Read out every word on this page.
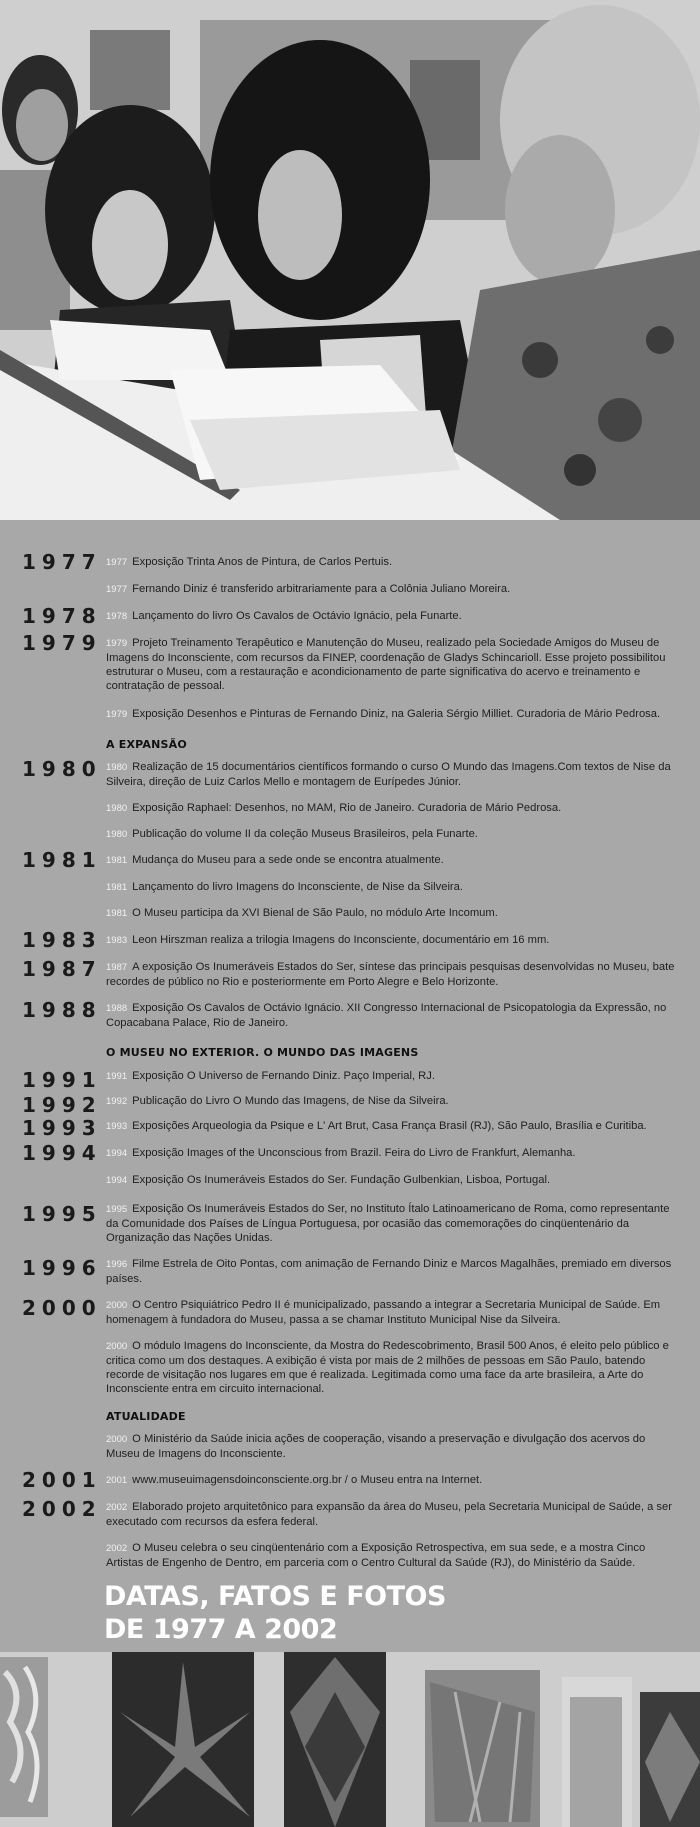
1977 1977 Exposição Trinta Anos de Pintura, de Carlos Pertuis.
1977 Fernando Diniz é transferido arbitrariamente para a Colônia Juliano Moreira.
1978 1978 Lançamento do livro Os Cavalos de Octávio Ignácio, pela Funarte.
1979 1979 Projeto Treinamento Terapêutico e Manutenção do Museu, realizado pela Sociedade Amigos do Museu de Imagens do Inconsciente, com recursos da FINEP, coordenação de Gladys Schincarioll. Esse projeto possibilitou estruturar o Museu, com a restauração e acondicionamento de parte significativa do acervo e treinamento e contratação de pessoal.
1979 Exposição Desenhos e Pinturas de Fernando Diniz, na Galeria Sérgio Milliet. Curadoria de Mário Pedrosa.
A EXPANSÃO
1980 1980 Realização de 15 documentários científicos formando o curso O Mundo das Imagens.Com textos de Nise da Silveira, direção de Luiz Carlos Mello e montagem de Eurípedes Júnior.
1980 Exposição Raphael: Desenhos, no MAM, Rio de Janeiro. Curadoria de Mário Pedrosa.
1980 Publicação do volume II da coleção Museus Brasileiros, pela Funarte.
1981 1981 Mudança do Museu para a sede onde se encontra atualmente.
1981 Lançamento do livro Imagens do Inconsciente, de Nise da Silveira.
1981 O Museu participa da XVI Bienal de São Paulo, no módulo Arte Incomum.
1983 1983 Leon Hirszman realiza a trilogia Imagens do Inconsciente, documentário em 16 mm.
1987 1987 A exposição Os Inumeráveis Estados do Ser, síntese das principais pesquisas desenvolvidas no Museu, bate recordes de público no Rio e posteriormente em Porto Alegre e Belo Horizonte.
1988 1988 Exposição Os Cavalos de Octávio Ignácio. XII Congresso Internacional de Psicopatologia da Expressão, no Copacabana Palace, Rio de Janeiro.
O MUSEU NO EXTERIOR. O MUNDO DAS IMAGENS
1991 1991 Exposição O Universo de Fernando Diniz. Paço Imperial, RJ.
1992 1992 Publicação do Livro O Mundo das Imagens, de Nise da Silveira.
1993 1993 Exposições Arqueologia da Psique e L' Art Brut, Casa França Brasil (RJ), São Paulo, Brasília e Curitiba.
1994 1994 Exposição Images of the Unconscious from Brazil. Feira do Livro de Frankfurt, Alemanha.
1994 Exposição Os Inumeráveis Estados do Ser. Fundação Gulbenkian, Lisboa, Portugal.
1995 1995 Exposição Os Inumeráveis Estados do Ser, no Instituto Ítalo Latinoamericano de Roma, como representante da Comunidade dos Países de Língua Portuguesa, por ocasião das comemorações do cinqüentenário da Organização das Nações Unidas.
1996 1996 Filme Estrela de Oito Pontas, com animação de Fernando Diniz e Marcos Magalhães, premiado em diversos países.
2000 2000 O Centro Psiquiátrico Pedro II é municipalizado, passando a integrar a Secretaria Municipal de Saúde. Em homenagem à fundadora do Museu, passa a se chamar Instituto Municipal Nise da Silveira.
2000 O módulo Imagens do Inconsciente, da Mostra do Redescobrimento, Brasil 500 Anos, é eleito pelo público e critica como um dos destaques. A exibição é vista por mais de 2 milhões de pessoas em São Paulo, batendo recorde de visitação nos lugares em que é realizada. Legitimada como uma face da arte brasileira, a Arte do Inconsciente entra em circuito internacional.
ATUALIDADE
2000 O Ministério da Saúde inicia ações de cooperação, visando a preservação e divulgação dos acervos do Museu de Imagens do Inconsciente.
2001 2001 www.museuimagensdoinconsciente.org.br / o Museu entra na Internet.
2002 2002 Elaborado projeto arquitetônico para expansão da área do Museu, pela Secretaria Municipal de Saúde, a ser executado com recursos da esfera federal.
2002 O Museu celebra o seu cinqüentenário com a Exposição Retrospectiva, em sua sede, e a mostra Cinco Artistas de Engenho de Dentro, em parceria com o Centro Cultural da Saúde (RJ), do Ministério da Saúde.
DATAS, FATOS E FOTOS
DE 1977 A 2002
